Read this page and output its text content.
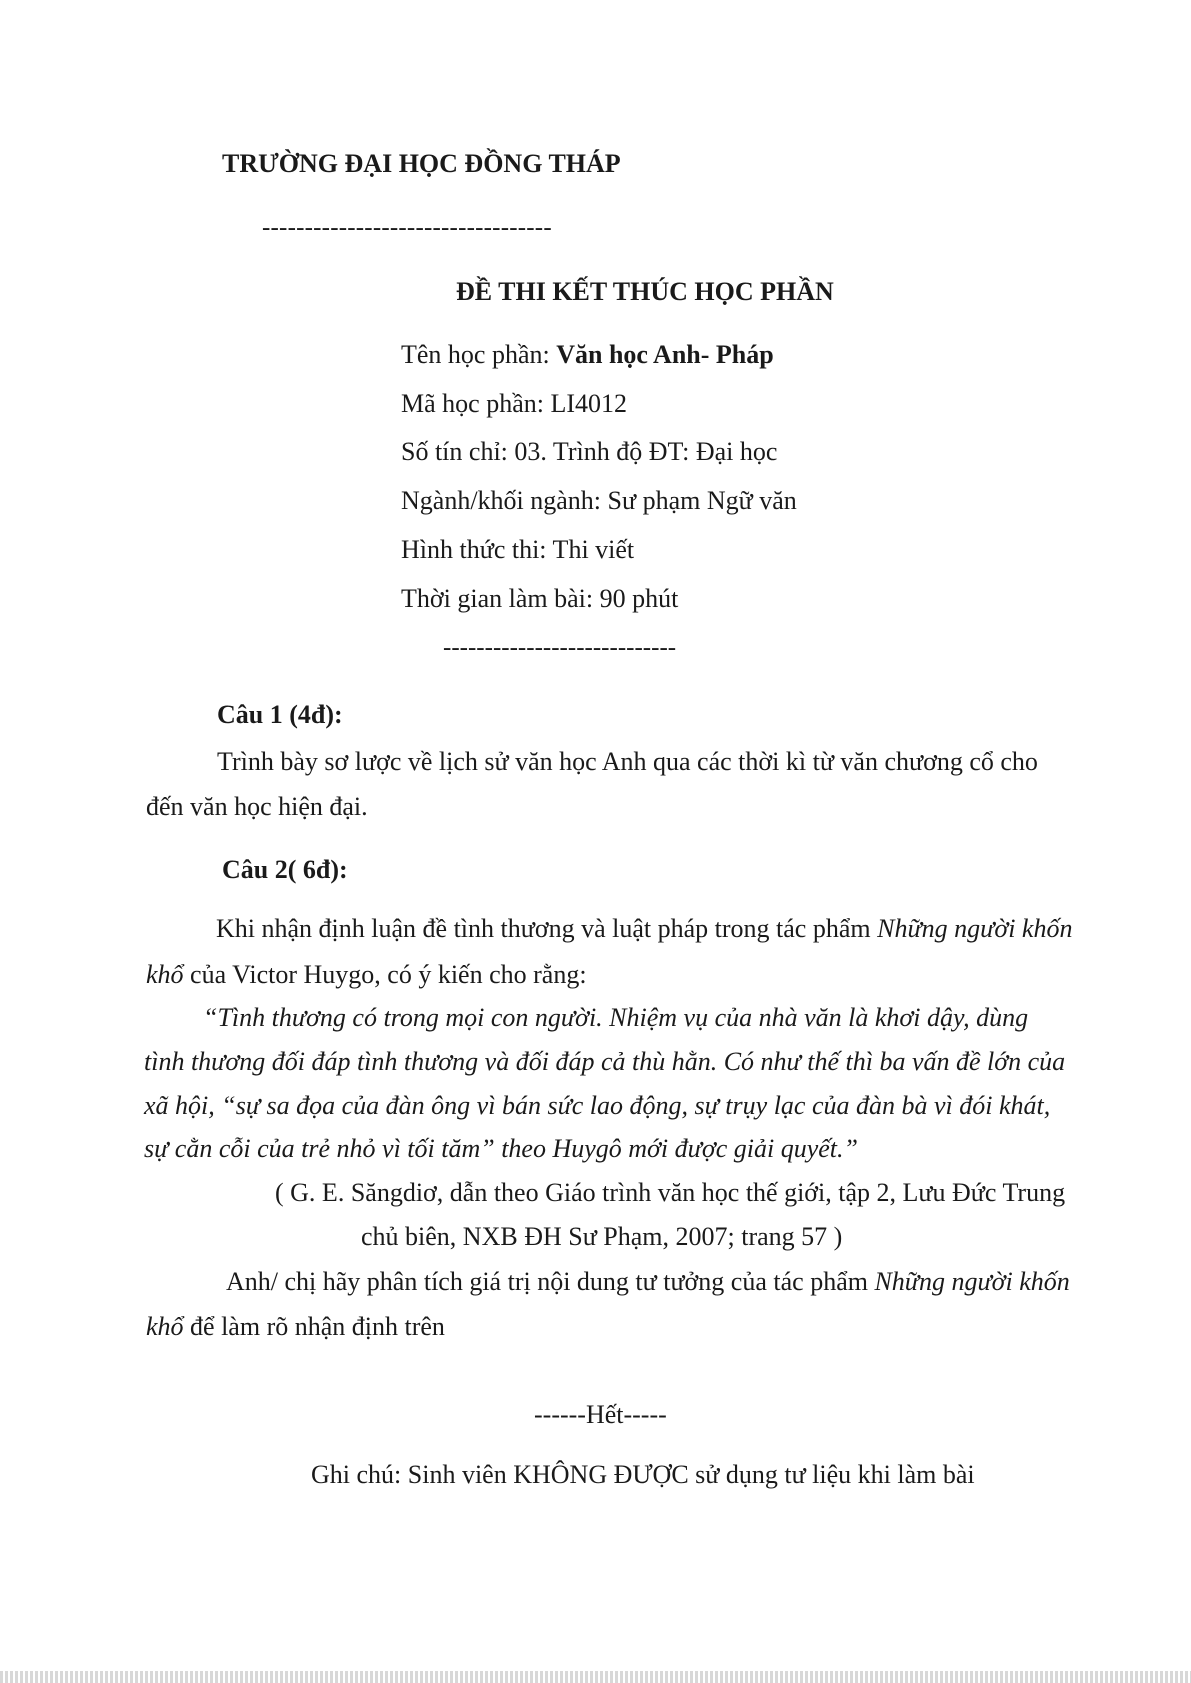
TRƯỜNG ĐẠI HỌC ĐỒNG THÁP
----------------------------------
ĐỀ THI KẾT THÚC HỌC PHẦN
Tên học phần: Văn học Anh- Pháp
Mã học phần: LI4012
Số tín chỉ: 03. Trình độ ĐT: Đại học
Ngành/khối ngành: Sư phạm Ngữ văn
Hình thức thi: Thi viết
Thời gian làm bài: 90 phút
----------------------------
Câu 1 (4đ):
Trình bày sơ lược về lịch sử văn học Anh qua các thời kì từ văn chương cổ cho
đến văn học hiện đại.
Câu 2( 6đ):
Khi nhận định luận đề tình thương và luật pháp trong tác phẩm Những người khốn
khổ của Victor Huygo, có ý kiến cho rằng:
“Tình thương có trong mọi con người. Nhiệm vụ của nhà văn là khơi dậy, dùng
tình thương đối đáp tình thương và đối đáp cả thù hằn. Có như thế thì ba vấn đề lớn của
xã hội, “sự sa đọa của đàn ông vì bán sức lao động, sự trụy lạc của đàn bà vì đói khát,
sự cằn cỗi của trẻ nhỏ vì tối tăm” theo Huygô mới được giải quyết.”
( G. E. Săngdiơ, dẫn theo Giáo trình văn học thế giới, tập 2, Lưu Đức Trung
chủ biên, NXB ĐH Sư Phạm, 2007; trang 57 )
Anh/ chị hãy phân tích giá trị nội dung tư tưởng của tác phẩm Những người khốn
khổ để làm rõ nhận định trên
------Hết-----
Ghi chú: Sinh viên KHÔNG ĐƯỢC sử dụng tư liệu khi làm bài
